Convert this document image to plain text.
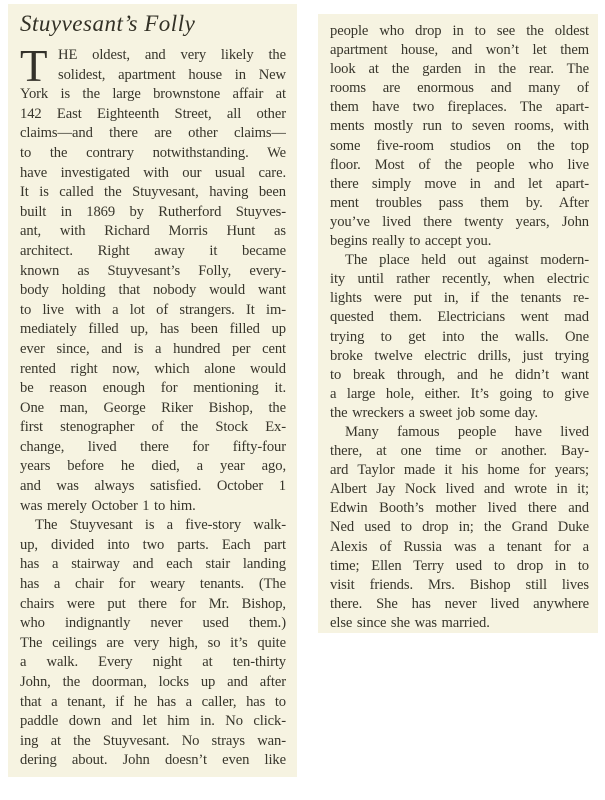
Stuyvesant’s Folly
T HE oldest, and very likely the
solidest, apartment house in New
York is the large brownstone affair at
142 East Eighteenth Street, all other
claims—and there are other claims—
to the contrary notwithstanding. We
have investigated with our usual care.
It is called the Stuyvesant, having been
built in 1869 by Rutherford Stuyves-
ant, with Richard Morris Hunt as
architect. Right away it became
known as Stuyvesant’s Folly, every-
body holding that nobody would want
to live with a lot of strangers. It im-
mediately filled up, has been filled up
ever since, and is a hundred per cent
rented right now, which alone would
be reason enough for mentioning it.
One man, George Riker Bishop, the
first stenographer of the Stock Ex-
change, lived there for fifty-four
years before he died, a year ago,
and was always satisfied. October 1
was merely October 1 to him.
The Stuyvesant is a five-story walk-
up, divided into two parts. Each part
has a stairway and each stair landing
has a chair for weary tenants. (The
chairs were put there for Mr. Bishop,
who indignantly never used them.)
The ceilings are very high, so it’s quite
a walk. Every night at ten-thirty
John, the doorman, locks up and after
that a tenant, if he has a caller, has to
paddle down and let him in. No click-
ing at the Stuyvesant. No strays wan-
dering about. John doesn’t even like
people who drop in to see the oldest
apartment house, and won’t let them
look at the garden in the rear. The
rooms are enormous and many of
them have two fireplaces. The apart-
ments mostly run to seven rooms, with
some five-room studios on the top
floor. Most of the people who live
there simply move in and let apart-
ment troubles pass them by. After
you’ve lived there twenty years, John
begins really to accept you.
The place held out against modern-
ity until rather recently, when electric
lights were put in, if the tenants re-
quested them. Electricians went mad
trying to get into the walls. One
broke twelve electric drills, just trying
to break through, and he didn’t want
a large hole, either. It’s going to give
the wreckers a sweet job some day.
Many famous people have lived
there, at one time or another. Bay-
ard Taylor made it his home for years;
Albert Jay Nock lived and wrote in it;
Edwin Booth’s mother lived there and
Ned used to drop in; the Grand Duke
Alexis of Russia was a tenant for a
time; Ellen Terry used to drop in to
visit friends. Mrs. Bishop still lives
there. She has never lived anywhere
else since she was married.
